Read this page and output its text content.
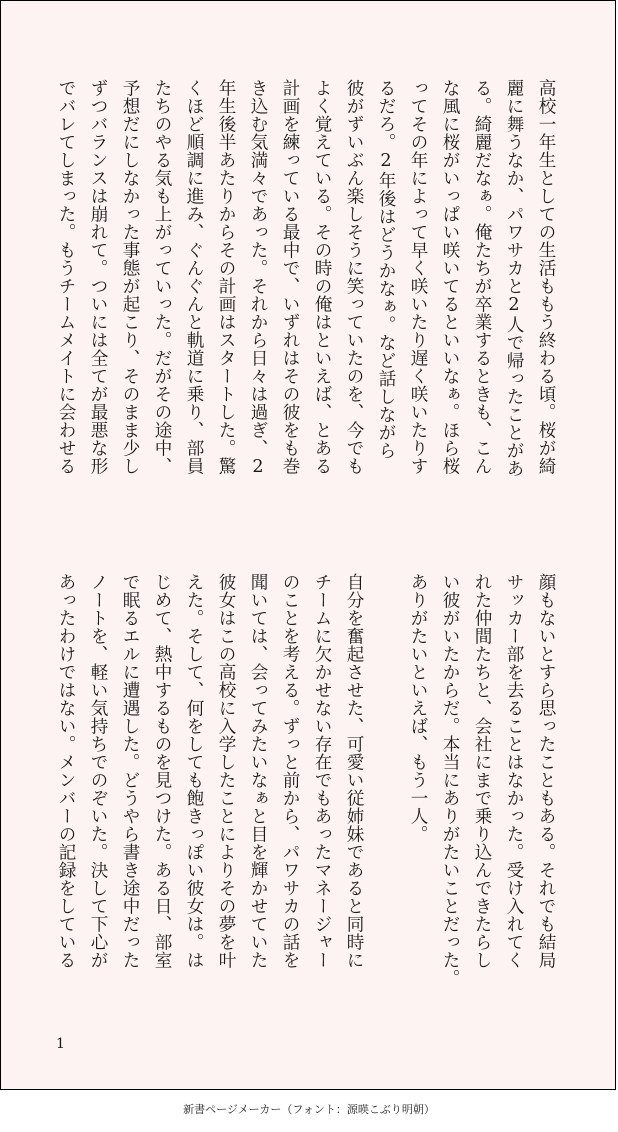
高校一年生としての生活ももう終わる頃。桜が綺
麗に舞うなか、パワサカと2人で帰ったことがあ
る。綺麗だなぁ。俺たちが卒業するときも、こん
な風に桜がいっぱい咲いてるといいなぁ。ほら桜
ってその年によって早く咲いたり遅く咲いたりす
るだろ。2年後はどうかなぁ。など話しながら
彼がずいぶん楽しそうに笑っていたのを、今でも
よく覚えている。その時の俺はといえば、とある
計画を練っている最中で、いずれはその彼をも巻
き込む気満々であった。それから日々は過ぎ、2
年生後半あたりからその計画はスタートした。驚
くほど順調に進み、ぐんぐんと軌道に乗り、部員
たちのやる気も上がっていった。だがその途中、
予想だにしなかった事態が起こり、そのまま少し
ずつバランスは崩れて。ついには全てが最悪な形
でバレてしまった。もうチームメイトに会わせる
顔もないとすら思ったこともある。それでも結局
サッカー部を去ることはなかった。受け入れてく
れた仲間たちと、会社にまで乗り込んできたらし
い彼がいたからだ。本当にありがたいことだった。
ありがたいといえば、もう一人。
自分を奮起させた、可愛い従姉妹であると同時に
チームに欠かせない存在でもあったマネージャー
のことを考える。ずっと前から、パワサカの話を
聞いては、会ってみたいなぁと目を輝かせていた
彼女はこの高校に入学したことによりその夢を叶
えた。そして、何をしても飽きっぽい彼女は。は
じめて、熱中するものを見つけた。ある日、部室
で眠るエルに遭遇した。どうやら書き途中だった
ノートを、軽い気持ちでのぞいた。決して下心が
あったわけではない。メンバーの記録をしている
1
新書ページメーカー（フォント：源暎こぶり明朝）
